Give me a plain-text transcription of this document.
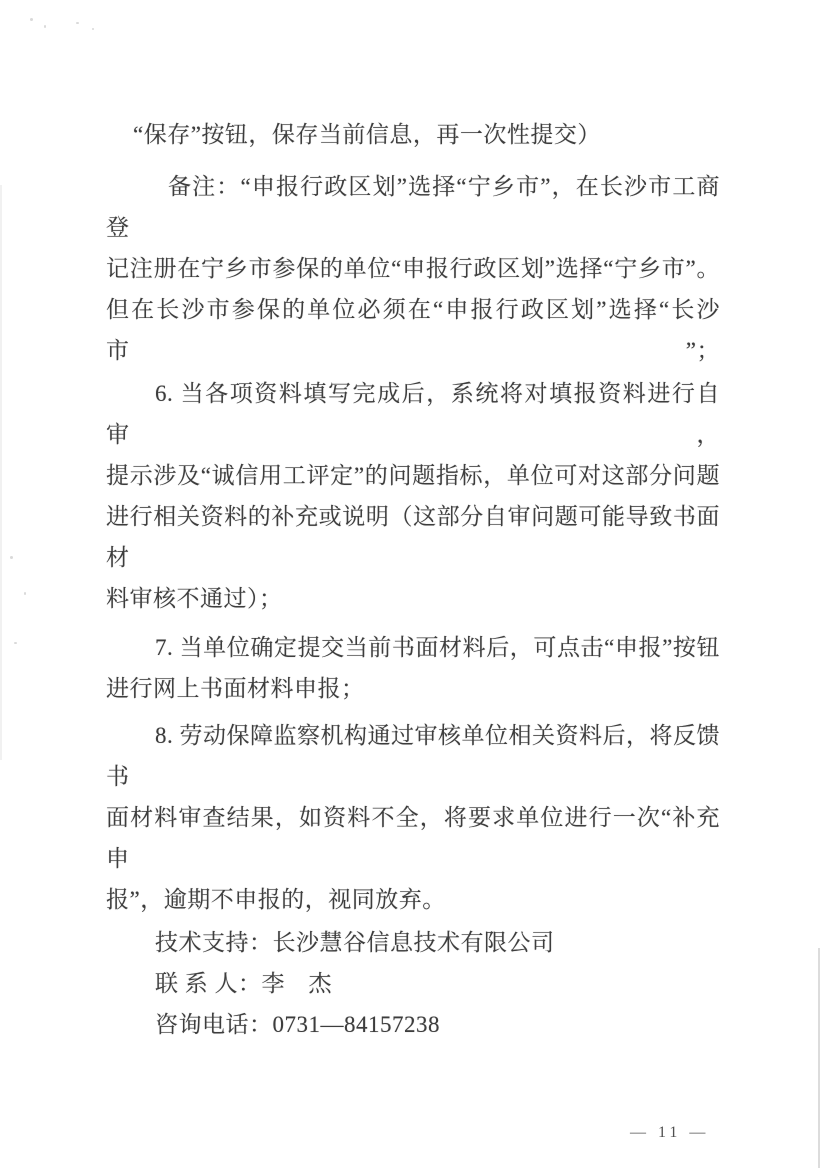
“保存”按钮，保存当前信息，再一次性提交）
备注：“申报行政区划”选择“宁乡市”，在长沙市工商登
记注册在宁乡市参保的单位“申报行政区划”选择“宁乡市”。
但在长沙市参保的单位必须在“申报行政区划”选择“长沙市”；
6. 当各项资料填写完成后，系统将对填报资料进行自审，
提示涉及“诚信用工评定”的问题指标，单位可对这部分问题
进行相关资料的补充或说明（这部分自审问题可能导致书面材
料审核不通过）；
7. 当单位确定提交当前书面材料后，可点击“申报”按钮
进行网上书面材料申报；
8. 劳动保障监察机构通过审核单位相关资料后，将反馈书
面材料审查结果，如资料不全，将要求单位进行一次“补充申
报”，逾期不申报的，视同放弃。
技术支持：长沙慧谷信息技术有限公司
联 系 人：李　杰
咨询电话：0731—84157238
— 11 —
